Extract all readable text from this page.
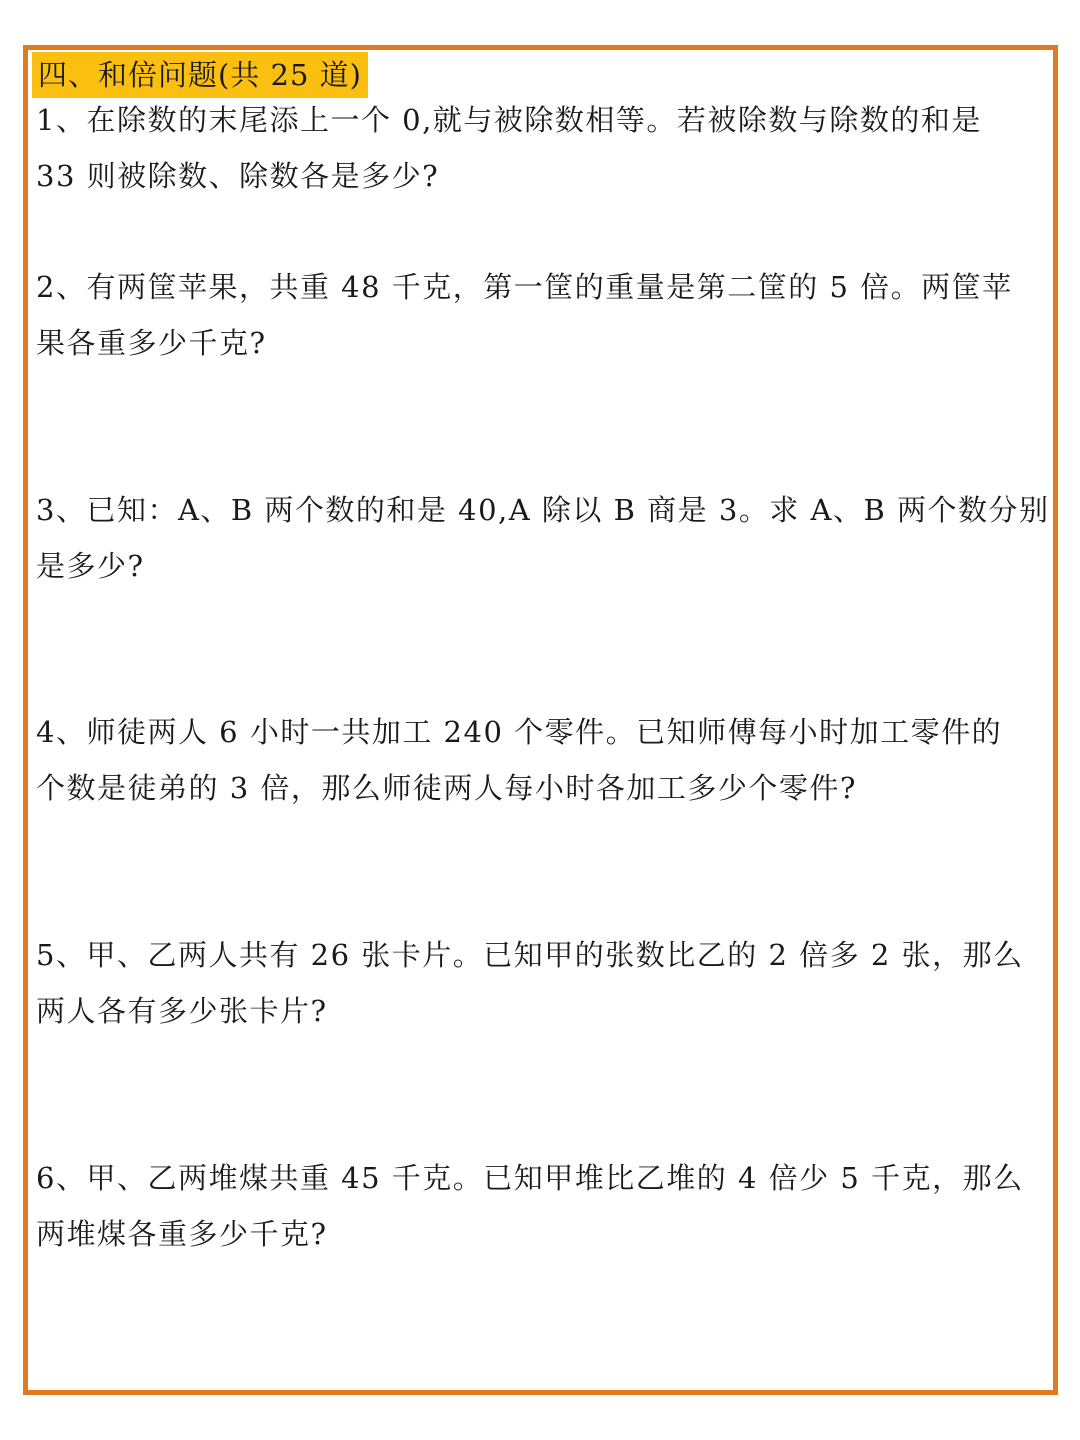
四、和倍问题(共 25 道)

1、在除数的末尾添上一个 0,就与被除数相等。若被除数与除数的和是
33 则被除数、除数各是多少?

2、有两筐苹果，共重 48 千克，第一筐的重量是第二筐的 5 倍。两筐苹
果各重多少千克?

3、已知：A、B 两个数的和是 40,A 除以 B 商是 3。求 A、B 两个数分别
是多少?

4、师徒两人 6 小时一共加工 240 个零件。已知师傅每小时加工零件的
个数是徒弟的 3 倍，那么师徒两人每小时各加工多少个零件?

5、甲、乙两人共有 26 张卡片。已知甲的张数比乙的 2 倍多 2 张，那么
两人各有多少张卡片?

6、甲、乙两堆煤共重 45 千克。已知甲堆比乙堆的 4 倍少 5 千克，那么
两堆煤各重多少千克?
